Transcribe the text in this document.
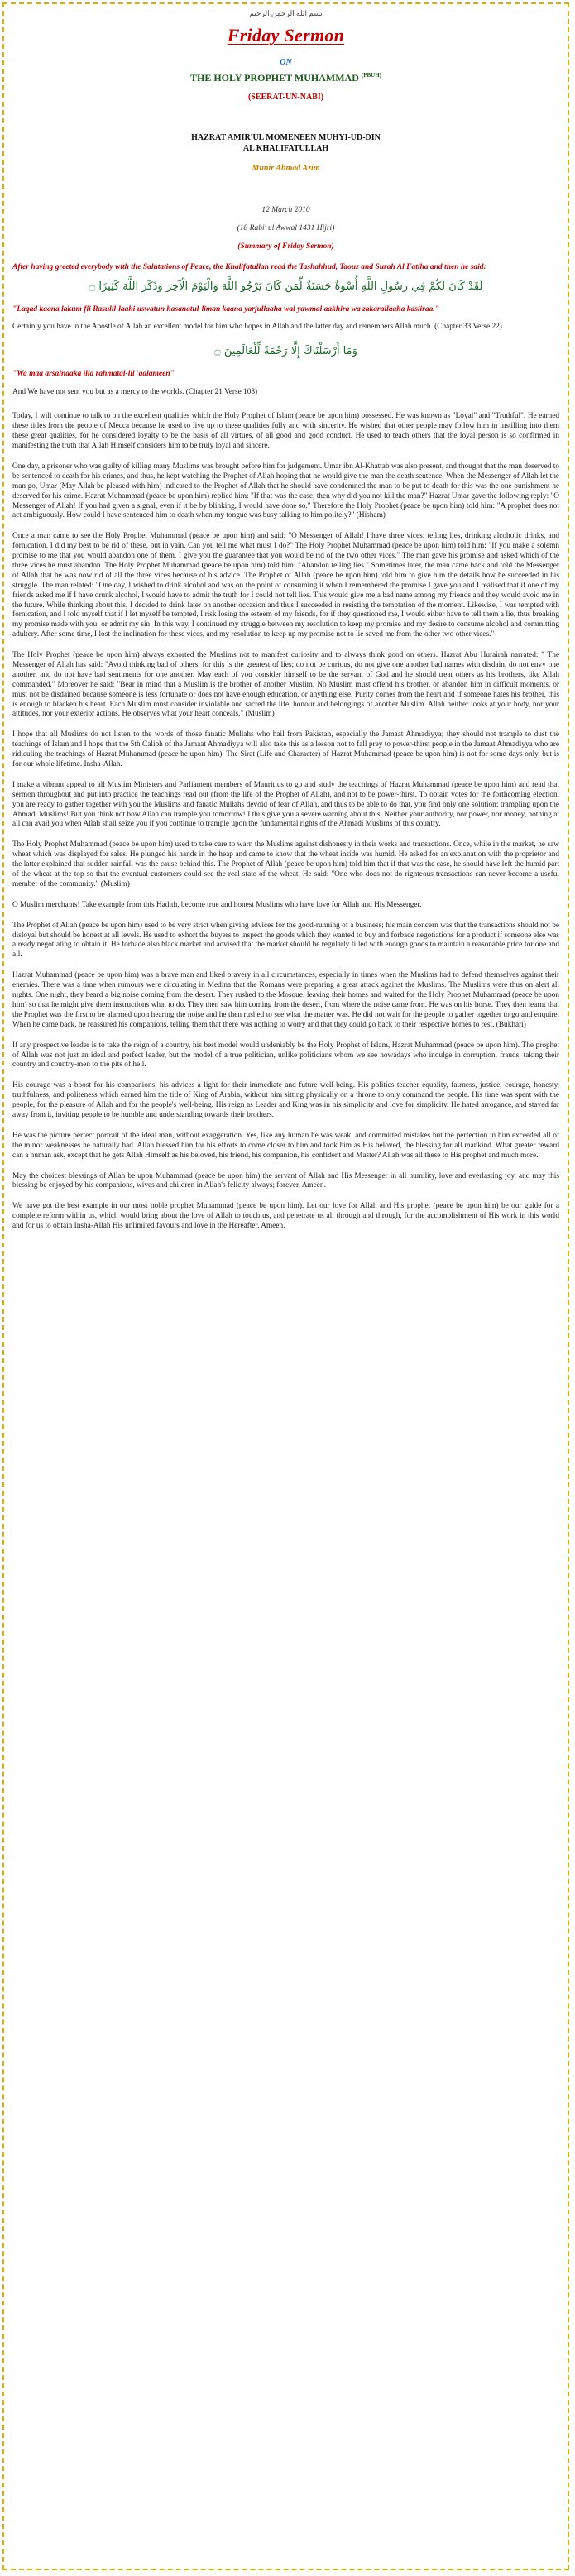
بسم الله الرحمن الرحيم

Friday Sermon

ON

THE HOLY PROPHET MUHAMMAD $^{(PBUH)}$

(SEERAT-UN-NABI)

HAZRAT AMIR'UL MOMENEEN MUHYI-UD-DIN
AL KHALIFATULLAH

Munir Ahmad Azim

12 March 2010

(18 Rabi' ul Awwal 1431 Hijri)

(Summary of Friday Sermon)

After having greeted everybody with the Salutations of Peace, the Khalifatullah read the Tashahhud, Taouz and Surah Al Fatiha and then he said:

لَقَدْ كَانَ لَكُمْ فِي رَسُولِ اللَّهِ أُسْوَةٌ حَسَنَةٌ لِّمَن كَانَ يَرْجُو اللَّهَ وَالْيَوْمَ الْآخِرَ وَذَكَرَ اللَّهَ كَثِيرًا ۝

"Laqad kaana lakum fii Rasulil-laahi uswatun hasanatul-liman kaana yarjullaaha wal yawmal aakhira wa zakarallaaha kasiiraa."

Certainly you have in the Apostle of Allah an excellent model for him who hopes in Allah and the latter day and remembers Allah much. (Chapter 33 Verse 22)

وَمَا أَرْسَلْنَاكَ إِلَّا رَحْمَةً لِّلْعَالَمِينَ ۝

"Wa maa arsalnaaka illa rahmatal-lil 'aalameen"

And We have not sent you but as a mercy to the worlds. (Chapter 21 Verse 108)

Today, I will continue to talk to on the excellent qualities which the Holy Prophet of Islam (peace be upon him) possessed. He was known as "Loyal" and "Truthful". He earned these titles from the people of Mecca because he used to live up to these qualities fully and with sincerity. He wished that other people may follow him in instilling into them these great qualities, for he considered loyalty to be the basis of all virtues, of all good and good conduct. He used to teach others that the loyal person is so confirmed in manifesting the truth that Allah Himself considers him to be truly loyal and sincere.

One day, a prisoner who was guilty of killing many Muslims was brought before him for judgement. Umar ibn Al-Khattab was also present, and thought that the man deserved to be sentenced to death for his crimes, and thus, he kept watching the Prophet of Allah hoping that he would give the man the death sentence. When the Messenger of Allah let the man go, Umar (May Allah be pleased with him) indicated to the Prophet of Allah that he should have condemned the man to be put to death for this was the one punishment he deserved for his crime. Hazrat Muhammad (peace be upon him) replied him: "If that was the case, then why did you not kill the man?" Hazrat Umar gave the following reply: "O Messenger of Allah! If you had given a signal, even if it be by blinking, I would have done so." Therefore the Holy Prophet (peace be upon him) told him: "A prophet does not act ambiguously. How could I have sentenced him to death when my tongue was busy talking to him politely?" (Hisham)

Once a man came to see the Holy Prophet Muhammad (peace be upon him) and said: "O Messenger of Allah! I have three vices: telling lies, drinking alcoholic drinks, and fornication. I did my best to be rid of these, but in vain. Can you tell me what must I do?" The Holy Prophet Muhammad (peace be upon him) told him: "If you make a solemn promise to me that you would abandon one of them, I give you the guarantee that you would be rid of the two other vices." The man gave his promise and asked which of the three vices he must abandon. The Holy Prophet Muhammad (peace be upon him) told him: "Abandon telling lies." Sometimes later, the man came back and told the Messenger of Allah that he was now rid of all the three vices because of his advice. The Prophet of Allah (peace be upon him) told him to give him the details how he succeeded in his struggle. The man related: "One day, I wished to drink alcohol and was on the point of consuming it when I remembered the promise I gave you and I realised that if one of my friends asked me if I have drunk alcohol, I would have to admit the truth for I could not tell lies. This would give me a bad name among my friends and they would avoid me in the future. While thinking about this, I decided to drink later on another occasion and thus I succeeded in resisting the temptation of the moment. Likewise, I was tempted with fornication, and I told myself that if I let myself be tempted, I risk losing the esteem of my friends, for if they questioned me, I would either have to tell them a lie, thus breaking my promise made with you, or admit my sin. In this way, I continued my struggle between my resolution to keep my promise and my desire to consume alcohol and committing adultery. After some time, I lost the inclination for these vices, and my resolution to keep up my promise not to lie saved me from the other two other vices."

The Holy Prophet (peace be upon him) always exhorted the Muslims not to manifest curiosity and to always think good on others. Hazrat Abu Hurairah narrated: " The Messenger of Allah has said: "Avoid thinking bad of others, for this is the greatest of lies; do not be curious, do not give one another bad names with disdain, do not envy one another, and do not have bad sentiments for one another. May each of you consider himself to be the servant of God and he should treat others as his brothers, like Allah commanded." Moreover he said: "Bear in mind that a Muslim is the brother of another Muslim. No Muslim must offend his brother, or abandon him in difficult moments, or must not be disdained because someone is less fortunate or does not have enough education, or anything else. Purity comes from the heart and if someone hates his brother, this is enough to blacken his heart. Each Muslim must consider inviolable and sacred the life, honour and belongings of another Muslim. Allah neither looks at your body, nor your attitudes, nor your exterior actions. He observes what your heart conceals." (Muslim)

I hope that all Muslims do not listen to the words of those fanatic Mullahs who hail from Pakistan, especially the Jamaat Ahmadiyya; they should not trample to dust the teachings of Islam and I hope that the 5th Caliph of the Jamaat Ahmadiyya will also take this as a lesson not to fall prey to power-thirst people in the Jamaat Ahmadiyya who are ridiculing the teachings of Hazrat Muhammad (peace be upon him). The Sirat (Life and Character) of Hazrat Muhammad (peace be upon him) is not for some days only, but is for our whole lifetime. Insha-Allah.

I make a vibrant appeal to all Muslim Ministers and Parliament members of Mauritius to go and study the teachings of Hazrat Muhammad (peace be upon him) and read that sermon throughout and put into practice the teachings read out (from the life of the Prophet of Allah), and not to be power-thirst. To obtain votes for the forthcoming election, you are ready to gather together with you the Muslims and fanatic Mullahs devoid of fear of Allah, and thus to be able to do that, you find only one solution: trampling upon the Ahmadi Muslims! But you think not how Allah can trample you tomorrow! I thus give you a severe warning about this. Neither your authority, nor power, nor money, nothing at all can avail you when Allah shall seize you if you continue to trample upon the fundamental rights of the Ahmadi Muslims of this country.

The Holy Prophet Muhammad (peace be upon him) used to take care to warn the Muslims against dishonesty in their works and transactions. Once, while in the market, he saw wheat which was displayed for sales. He plunged his hands in the heap and came to know that the wheat inside was humid. He asked for an explanation with the proprietor and the latter explained that sudden rainfall was the cause behind this. The Prophet of Allah (peace be upon him) told him that if that was the case, he should have left the humid part of the wheat at the top so that the eventual customers could see the real state of the wheat. He said: "One who does not do righteous transactions can never become a useful member of the community." (Muslim)

O Muslim merchants! Take example from this Hadith, become true and honest Muslims who have love for Allah and His Messenger.

The Prophet of Allah (peace be upon him) used to be very strict when giving advices for the good-running of a business; his main concern was that the transactions should not be disloyal but should be honest at all levels. He used to exhort the buyers to inspect the goods which they wanted to buy and forbade negotiations for a product if someone else was already negotiating to obtain it. He forbade also black market and advised that the market should be regularly filled with enough goods to maintain a reasonable price for one and all.

Hazrat Muhammad (peace be upon him) was a brave man and liked bravery in all circumstances, especially in times when the Muslims had to defend themselves against their enemies. There was a time when rumours were circulating in Medina that the Romans were preparing a great attack against the Muslims. The Muslims were thus on alert all nights. One night, they heard a big noise coming from the desert. They rushed to the Mosque, leaving their homes and waited for the Holy Prophet Muhammad (peace be upon him) so that he might give them instructions what to do. They then saw him coming from the desert, from where the noise came from. He was on his horse. They then learnt that the Prophet was the first to be alarmed upon hearing the noise and he then rushed to see what the matter was. He did not wait for the people to gather together to go and enquire. When he came back, he reassured his companions, telling them that there was nothing to worry and that they could go back to their respective homes to rest. (Bukhari)

If any prospective leader is to take the reign of a country, his best model would undeniably be the Holy Prophet of Islam, Hazrat Muhammad (peace be upon him). The prophet of Allah was not just an ideal and perfect leader, but the model of a true politician, unlike politicians whom we see nowadays who indulge in corruption, frauds, taking their country and country-men to the pits of hell.

His courage was a boost for his companions, his advices a light for their immediate and future well-being. His politics teacher equality, fairness, justice, courage, honesty, truthfulness, and politeness which earned him the title of King of Arabia, without him sitting physically on a throne to only command the people. His time was spent with the people, for the pleasure of Allah and for the people's well-being. His reign as Leader and King was in his simplicity and love for simplicity. He hated arrogance, and stayed far away from it, inviting people to be humble and understanding towards their brothers.

He was the picture perfect portrait of the ideal man, without exaggeration. Yes, like any human he was weak, and committed mistakes but the perfection in him exceeded all of the minor weaknesses he naturally had. Allah blessed him for his efforts to come closer to him and took him as His beloved, the blessing for all mankind. What greater reward can a human ask, except that he gets Allah Himself as his beloved, his friend, his companion, his confident and Master? Allah was all these to His prophet and much more.

May the choicest blessings of Allah be upon Muhammad (peace be upon him) the servant of Allah and His Messenger in all humility, love and everlasting joy, and may this blessing be enjoyed by his companions, wives and children in Allah's felicity always; forever. Ameen.

We have got the best example in our most noble prophet Muhammad (peace be upon him). Let our love for Allah and His prophet (peace be upon him) be our guide for a complete reform within us, which would bring about the love of Allah to touch us, and penetrate us all through and through, for the accomplishment of His work in this world and for us to obtain Insha-Allah His unlimited favours and love in the Hereafter. Ameen.
